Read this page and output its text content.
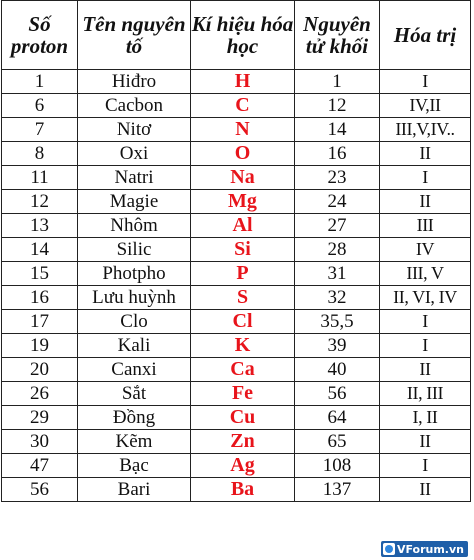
Số proton	Tên nguyên tố	Kí hiệu hóa học	Nguyên tử khối	Hóa trị
1	Hiđro	H	1	I
6	Cacbon	C	12	IV,II
7	Nitơ	N	14	III,V,IV..
8	Oxi	O	16	II
11	Natri	Na	23	I
12	Magie	Mg	24	II
13	Nhôm	Al	27	III
14	Silic	Si	28	IV
15	Photpho	P	31	III, V
16	Lưu huỳnh	S	32	II, VI, IV
17	Clo	Cl	35,5	I
19	Kali	K	39	I
20	Canxi	Ca	40	II
26	Sắt	Fe	56	II, III
29	Đồng	Cu	64	I, II
30	Kẽm	Zn	65	II
47	Bạc	Ag	108	I
56	Bari	Ba	137	II
VForum.vn
